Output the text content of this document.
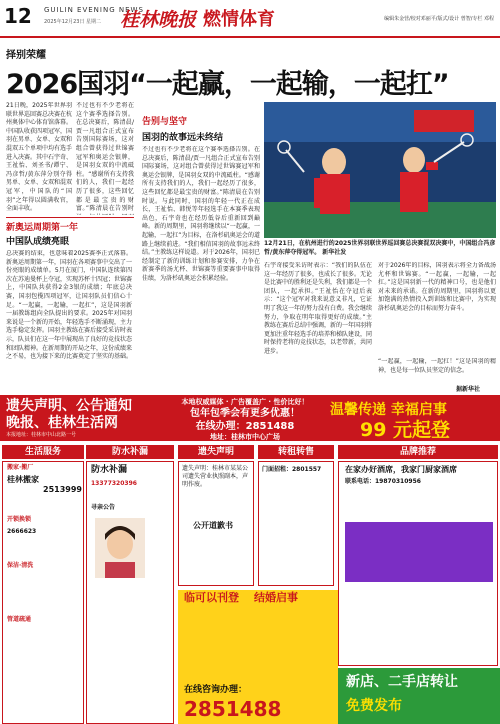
12 GUILIN EVENING NEWS
2025年12月23日 星期二 桂林晚报 燃情体育	编辑朱金营/校对邓丽平/版式/设计 曾智/专栏 邓程
择别荣耀
2026国羽“一起赢，一起输，一起扛”
21日晚，2025年世界羽联世界巡回赛总决赛在杭州奥体中心体育馆落幕。中国队收获四项冠军，国羽在男单、女单、女双和混双五个单项中均有选手进入决赛。其中石宇奇、王祉怡、刘圣书/谭宁、冯彦哲/黄东萍分别夺得男单、女单、女双和混双冠军，中国队的“国羽”之年得以圆满收官，全面丰收。
新奥运周期第一年
中国队成绩亮眼
总决赛的结束，也意味着2025赛季正式落幕。新奥运周期第一年，国羽在各项赛事中交出了一份亮眼的成绩单。5月在厦门，中国队连续第四次在苏迪曼杯上夺冠，实现苏杯十四冠；世锦赛上，中国队共获得2金3银的成绩；年底总决赛，国羽包揽四项冠军，让国羽队员们信心十足。“一起赢，一起输，一起扛”，这是国羽新一届教练组向全队提出的要求。2025年对国羽来说是一个新的开始，年轻选手不断涌现，主力选手稳定发挥。国羽主教练在赛后接受采访时表示，队员们在这一年中展现出了良好的竞技状态和团队精神。在新周期的开局之年，这份成绩来之不易，也为接下来的比赛奠定了坚实的基础。
不过也有不少老将在这个赛季选择告别。在总决赛后，陈清晨/贾一凡组合正式宣布告别国际赛场，这对组合曾获得过世锦赛冠军和奥运会银牌，是国羽女双的中流砥柱。“感谢所有支持我们的人，我们一起经历了很多，这些回忆都是最宝贵的财富。”陈清晨在告别时
告别与坚守
国羽的故事远未终结
不过也有不少老将在这个赛季选择告别。在总决赛后，陈清晨/贾一凡组合正式宣布告别国际赛场，这对组合曾获得过世锦赛冠军和奥运会银牌，是国羽女双的中流砥柱。“感谢所有支持我们的人，我们一起经历了很多，这些回忆都是最宝贵的财富。”陈清晨在告别时说。与此同时，国羽的年轻一代正在成长，王祉怡、韩悦等年轻选手在本赛季表现出色，石宇奇也在经历低谷后重新回到巅峰。新的周期里，国羽将继续以“一起赢，一起输，一起扛”为目标，在洛杉矶奥运会的道路上继续前进。“我们相信国羽的故事远未终结。”主教练这样说道。对于2026年，国羽已经制定了新的训练计划和参赛安排，力争在新赛季的汤尤杯、世锦赛等重要赛事中取得佳绩，为洛杉矶奥运会积累经验。
12月21日，在杭州进行的2025世界羽联世界巡回赛总决赛混双决赛中，中国组合冯彦哲/黄东萍夺得冠军。 新华社发
石宇奇接受采访时表示：“我们的队伍在这一年经历了很多，也成长了很多。无论是比赛中的胜利还是失利，我们都是一个团队，一起承担。”王祉怡在夺冠后表示：“这个冠军对我来说意义非凡，它证明了我这一年的努力没有白费。我会继续努力，争取在明年取得更好的成绩。”主教练在赛后总结中强调，新的一年国羽将更加注重年轻选手的培养和梯队建设，同时保持老将的竞技状态，以老带新，共同进步。
对于2026年的目标，国羽表示将全力备战汤尤杯和世锦赛。“一起赢，一起输，一起扛。”这是国羽新一代的精神口号，也是他们对未来的承诺。在新的周期里，国羽将以更加饱满的热情投入到训练和比赛中，为实现洛杉矶奥运会的目标而努力奋斗。
“一起赢，一起输，一起扛！”这是国羽的精神，也是每一位队员坚定的信念。
据新华社
遗失声明、公告通知
晚报、桂林生活网
本报地址：桂林市中山北路一号
本地权威媒体 · 广告覆盖广 · 性价比好！
包年包季会有更多优惠！
在线办理：2851488
地址：桂林市中心广场
温馨传递 幸福启事
99 元起登
生活服务	防水补漏	遗失声明	转租转售	品牌推荐
搬家·搬厂
桂林搬家
2513999
开锁换锁
2666623
保洁·清洗
管道疏通
防水补漏
13377320396
寻亲公告
遗失声明：桂林市某某公司遗失营业执照副本，声明作废。
公开道歉书
门面招租：2801557	在家办好酒席，我家门厨家酒席
联系电话：19870310956
临可以刊登 结婚启事
在线咨询办理：
2851488
新店、二手店转让
免费发布
